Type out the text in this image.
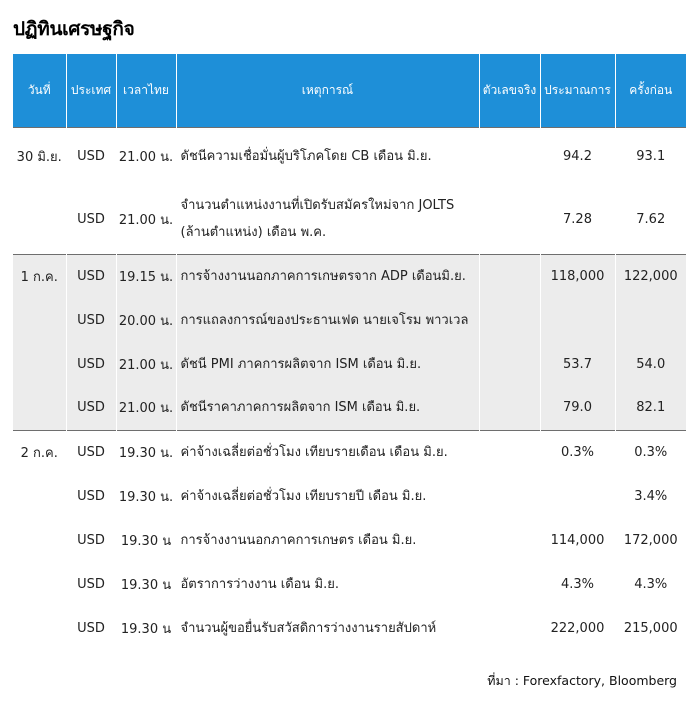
ปฏิทินเศรษฐกิจ
วันที่	ประเทศ	เวลาไทย	เหตุการณ์	ตัวเลขจริง	ประมาณการ	ครั้งก่อน
30 มิ.ย.	USD	21.00 น.	ดัชนีความเชื่อมั่นผู้บริโภคโดย CB เดือน มิ.ย.		94.2	93.1
	USD	21.00 น.	จำนวนตำแหน่งงานที่เปิดรับสมัครใหม่จาก JOLTS (ล้านตำแหน่ง) เดือน พ.ค.		7.28	7.62
1 ก.ค.	USD	19.15 น.	การจ้างงานนอกภาคการเกษตรจาก ADP เดือนมิ.ย.		118,000	122,000
	USD	20.00 น.	การแถลงการณ์ของประธานเฟด นายเจโรม พาวเวล			
	USD	21.00 น.	ดัชนี PMI ภาคการผลิตจาก ISM เดือน มิ.ย.		53.7	54.0
	USD	21.00 น.	ดัชนีราคาภาคการผลิตจาก ISM เดือน มิ.ย.		79.0	82.1
2 ก.ค.	USD	19.30 น.	ค่าจ้างเฉลี่ยต่อชั่วโมง เทียบรายเดือน เดือน มิ.ย.		0.3%	0.3%
	USD	19.30 น.	ค่าจ้างเฉลี่ยต่อชั่วโมง เทียบรายปี เดือน มิ.ย.			3.4%
	USD	19.30 น	การจ้างงานนอกภาคการเกษตร เดือน มิ.ย.		114,000	172,000
	USD	19.30 น	อัตราการว่างงาน เดือน มิ.ย.		4.3%	4.3%
	USD	19.30 น	จำนวนผู้ขอยื่นรับสวัสดิการว่างงานรายสัปดาห์		222,000	215,000
ที่มา : Forexfactory, Bloomberg
